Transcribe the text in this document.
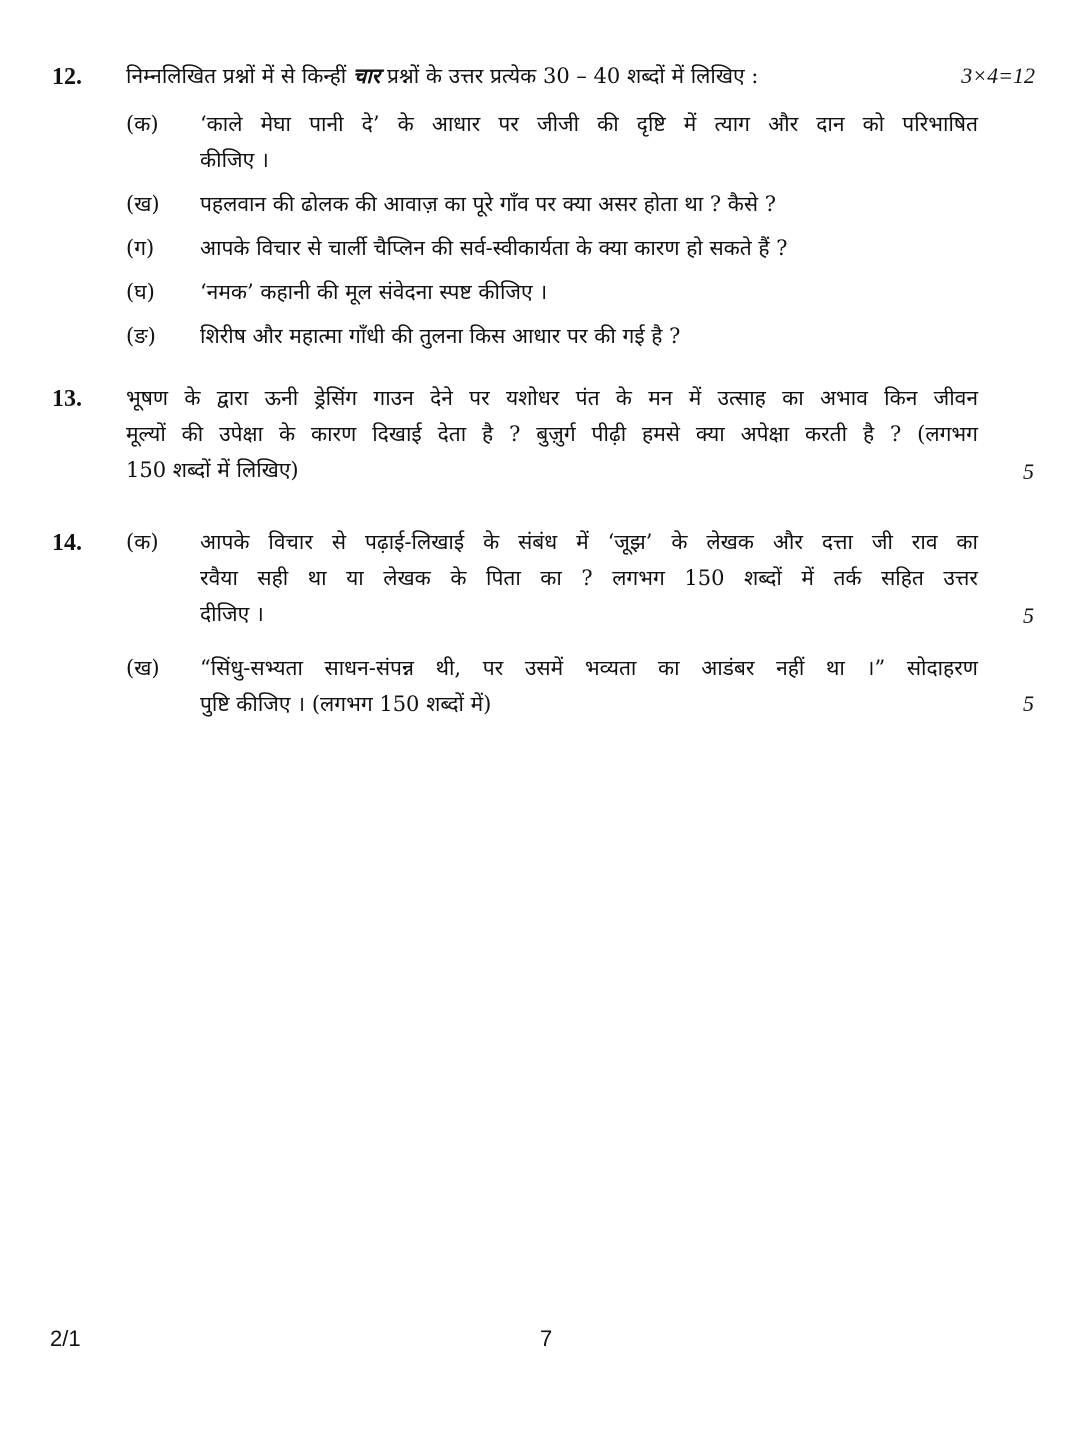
12. निम्नलिखित प्रश्नों में से किन्हीं चार प्रश्नों के उत्तर प्रत्येक 30 – 40 शब्दों में लिखिए :	3×4=12
(क) ‘काले मेघा पानी दे’ के आधार पर जीजी की दृष्टि में त्याग और दान को परिभाषित
कीजिए ।
(ख) पहलवान की ढोलक की आवाज़ का पूरे गाँव पर क्या असर होता था ? कैसे ?
(ग) आपके विचार से चार्ली चैप्लिन की सर्व-स्वीकार्यता के क्या कारण हो सकते हैं ?
(घ) ‘नमक’ कहानी की मूल संवेदना स्पष्ट कीजिए ।
(ङ) शिरीष और महात्मा गाँधी की तुलना किस आधार पर की गई है ?
13. भूषण के द्वारा ऊनी ड्रेसिंग गाउन देने पर यशोधर पंत के मन में उत्साह का अभाव किन जीवन
मूल्यों की उपेक्षा के कारण दिखाई देता है ? बुज़ुर्ग पीढ़ी हमसे क्या अपेक्षा करती है ? (लगभग
150 शब्दों में लिखिए)	5
14. (क) आपके विचार से पढ़ाई-लिखाई के संबंध में ‘जूझ’ के लेखक और दत्ता जी राव का
रवैया सही था या लेखक के पिता का ? लगभग 150 शब्दों में तर्क सहित उत्तर
दीजिए ।	5
(ख) “सिंधु-सभ्यता साधन-संपन्न थी, पर उसमें भव्यता का आडंबर नहीं था ।” सोदाहरण
पुष्टि कीजिए । (लगभग 150 शब्दों में)	5
2/1	7
